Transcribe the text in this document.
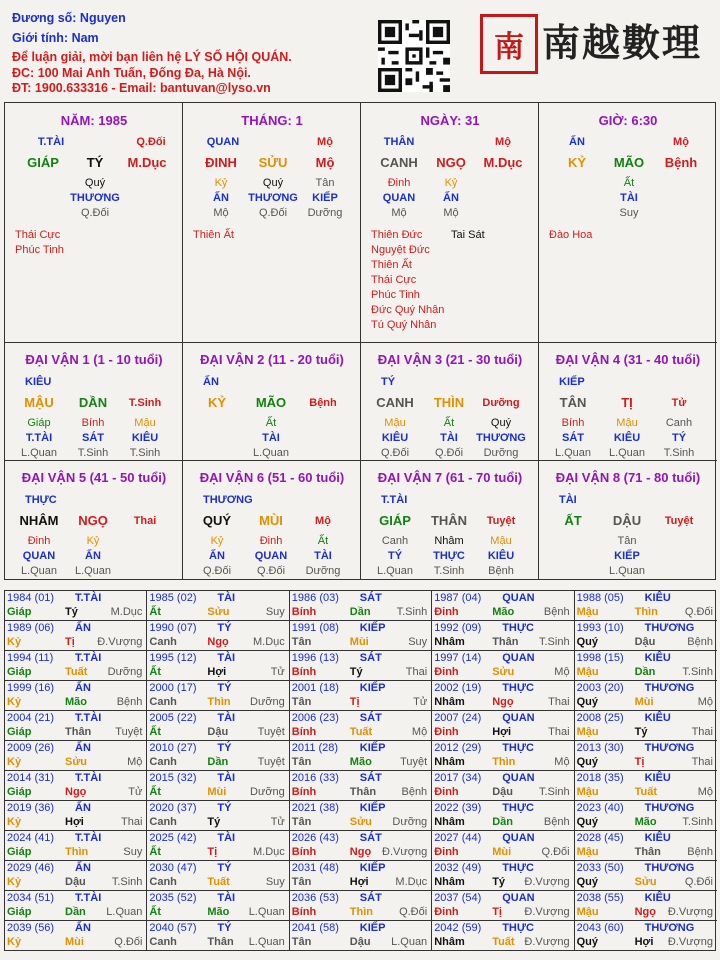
Đương số: Nguyen
Giới tính: Nam
Để luận giải, mời bạn liên hệ LÝ SỐ HỘI QUÁN.
ĐC: 100 Mai Anh Tuấn, Đống Đa, Hà Nội.
ĐT: 1900.633316 - Email: bantuvan@lyso.vn
南 南越數理
NĂM: 1985
T.TÀI	Q.Đối
GIÁP TÝ M.Dục
Quý
THƯƠNG
Q.Đối
Thái Cực
Phúc Tinh
THÁNG: 1
QUAN	Mộ
ĐINH SỬU Mộ
Kỷ
ẤN
Mộ
Quý
THƯƠNG
Q.Đối
Tân
KIẾP
Dưỡng
Thiên Ất
NGÀY: 31
THÂN	Mộ
CANH NGỌ M.Dục
Đinh
QUAN
Mộ
Kỷ
ẤN
Mộ
Thiên Đức
Nguyệt Đức
Thiên Ất
Thái Cực
Phúc Tinh
Đức Quý Nhân
Tú Quý Nhân
Tai Sát
GIỜ: 6:30
ẤN	Mộ
KỶ MÃO Bệnh
Ất
TÀI
Suy
Đào Hoa
ĐẠI VẬN 1 (1 - 10 tuổi)
KIÊU
MẬU DẦN T.Sinh
Giáp
T.TÀI
L.Quan
Bính
SÁT
T.Sinh
Mậu
KIÊU
T.Sinh
ĐẠI VẬN 2 (11 - 20 tuổi)
ẤN
KỶ MÃO Bệnh
Ất
TÀI
L.Quan
ĐẠI VẬN 3 (21 - 30 tuổi)
TÝ
CANH THÌN Dưỡng
Mậu
KIÊU
Q.Đối
Ất
TÀI
Q.Đối
Quý
THƯƠNG
Dưỡng
ĐẠI VẬN 4 (31 - 40 tuổi)
KIẾP
TÂN	TỊ	Tử
Bính
SÁT
L.Quan
Mậu
KIÊU
L.Quan
Canh
TÝ
T.Sinh
ĐẠI VẬN 5 (41 - 50 tuổi)
THỰC
NHÂM NGỌ Thai
Đinh
QUAN
L.Quan
Kỷ
ẤN
L.Quan
ĐẠI VẬN 6 (51 - 60 tuổi)
THƯƠNG
QUÝ MÙI	Mộ
Kỷ
ẤN
Q.Đối
Đinh
QUAN
Q.Đối
Ất
TÀI
Dưỡng
ĐẠI VẬN 7 (61 - 70 tuổi)
T.TÀI
GIÁP THÂN Tuyệt
Canh
TÝ
L.Quan
Nhâm
THỰC
T.Sinh
Mậu
KIÊU
Bệnh
ĐẠI VẬN 8 (71 - 80 tuổi)
TÀI
ẤT DẬU Tuyệt
Tân
KIẾP
L.Quan
1984 (01) T.TÀI
Giáp	Tý	M.Dục
1985 (02) TÀI
Ất	Sửu	Suy
1986 (03) SÁT
Bính	Dần T.Sinh
1987 (04) QUAN
Đinh	Mão	Bệnh
1988 (05) KIÊU
Mậu	Thìn Q.Đối
1989 (06) ẤN
Kỷ	Tị Đ.Vượng
1990 (07) TÝ
Canh	Ngọ M.Dục
1991 (08) KIẾP
Tân	Mùi	Suy
1992 (09) THỰC
Nhâm Thân T.Sinh
1993 (10) THƯƠNG
Quý	Dậu	Bệnh
1994 (11) T.TÀI
Giáp	Tuất Dưỡng
1995 (12) TÀI
Ất	Hợi	Tử
1996 (13) SÁT
Bính	Tý	Thai
1997 (14) QUAN
Đinh	Sửu	Mộ
1998 (15) KIÊU
Mậu	Dần T.Sinh
1999 (16) ẤN
Kỷ	Mão	Bệnh
2000 (17) TÝ
Canh	Thìn Dưỡng
2001 (18) KIẾP
Tân	Tị	Tử
2002 (19) THỰC
Nhâm Ngọ	Thai
2003 (20) THƯƠNG
Quý	Mùi	Mộ
2004 (21) T.TÀI
Giáp	Thân Tuyệt
2005 (22) TÀI
Ất	Dậu	Tuyệt
2006 (23) SÁT
Bính	Tuất	Mộ
2007 (24) QUAN
Đinh	Hợi	Thai
2008 (25) KIÊU
Mậu	Tý	Thai
2009 (26) ẤN
Kỷ	Sửu	Mộ
2010 (27) TÝ
Canh	Dần	Tuyệt
2011 (28) KIẾP
Tân	Mão	Tuyệt
2012 (29) THỰC
Nhâm Thìn	Mộ
2013 (30) THƯƠNG
Quý	Tị	Thai
2014 (31) T.TÀI
Giáp	Ngọ	Tử
2015 (32) TÀI
Ất	Mùi Dưỡng
2016 (33) SÁT
Bính	Thân Bệnh
2017 (34) QUAN
Đinh	Dậu T.Sinh
2018 (35) KIÊU
Mậu	Tuất	Mộ
2019 (36) ẤN
Kỷ	Hợi	Thai
2020 (37) TÝ
Canh	Tý	Tử
2021 (38) KIẾP
Tân	Sửu Dưỡng
2022 (39) THỰC
Nhâm Dần	Bệnh
2023 (40) THƯƠNG
Quý	Mão T.Sinh
2024 (41) T.TÀI
Giáp	Thìn	Suy
2025 (42) TÀI
Ất	Tị	M.Dục
2026 (43) SÁT
Bính	Ngọ Đ.Vượng
2027 (44) QUAN
Đinh	Mùi	Q.Đối
2028 (45) KIÊU
Mậu	Thân Bệnh
2029 (46) ẤN
Kỷ	Dậu T.Sinh
2030 (47) TÝ
Canh	Tuất	Suy
2031 (48) KIẾP
Tân	Hợi M.Dục
2032 (49) THỰC
Nhâm Tý Đ.Vượng
2033 (50) THƯƠNG
Quý	Sửu	Q.Đối
2034 (51) T.TÀI
Giáp	Dần L.Quan
2035 (52) TÀI
Ất	Mão L.Quan
2036 (53) SÁT
Bính	Thìn Q.Đối
2037 (54) QUAN
Đinh	Tị Đ.Vượng
2038 (55) KIÊU
Mậu	Ngọ Đ.Vượng
2039 (56) ẤN
Kỷ	Mùi	Q.Đối
2040 (57) TÝ
Canh	Thân L.Quan
2041 (58) KIẾP
Tân	Dậu L.Quan
2042 (59) THỰC
Nhâm Tuất Đ.Vượng
2043 (60) THƯƠNG
Quý	Hợi Đ.Vượng
